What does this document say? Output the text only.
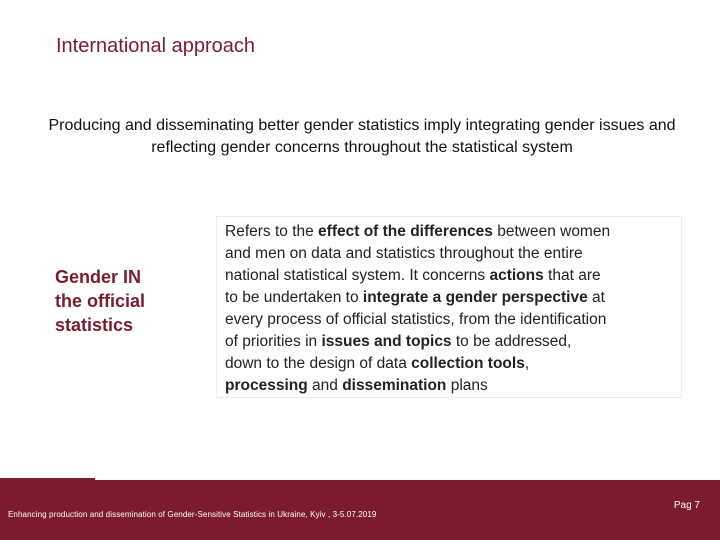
International approach
Producing and disseminating better gender statistics imply integrating gender issues and reflecting gender concerns throughout the statistical system
Gender IN
the official
statistics
Refers to the effect of the differences between women
and men on data and statistics throughout the entire
national statistical system. It concerns actions that are
to be undertaken to integrate a gender perspective at
every process of official statistics, from the identification
of priorities in issues and topics to be addressed,
down to the design of data collection tools,
processing and dissemination plans
Enhancing production and dissemination of Gender-Sensitive Statistics in Ukraine, Kyiv , 3-5.07.2019
Pag 7
